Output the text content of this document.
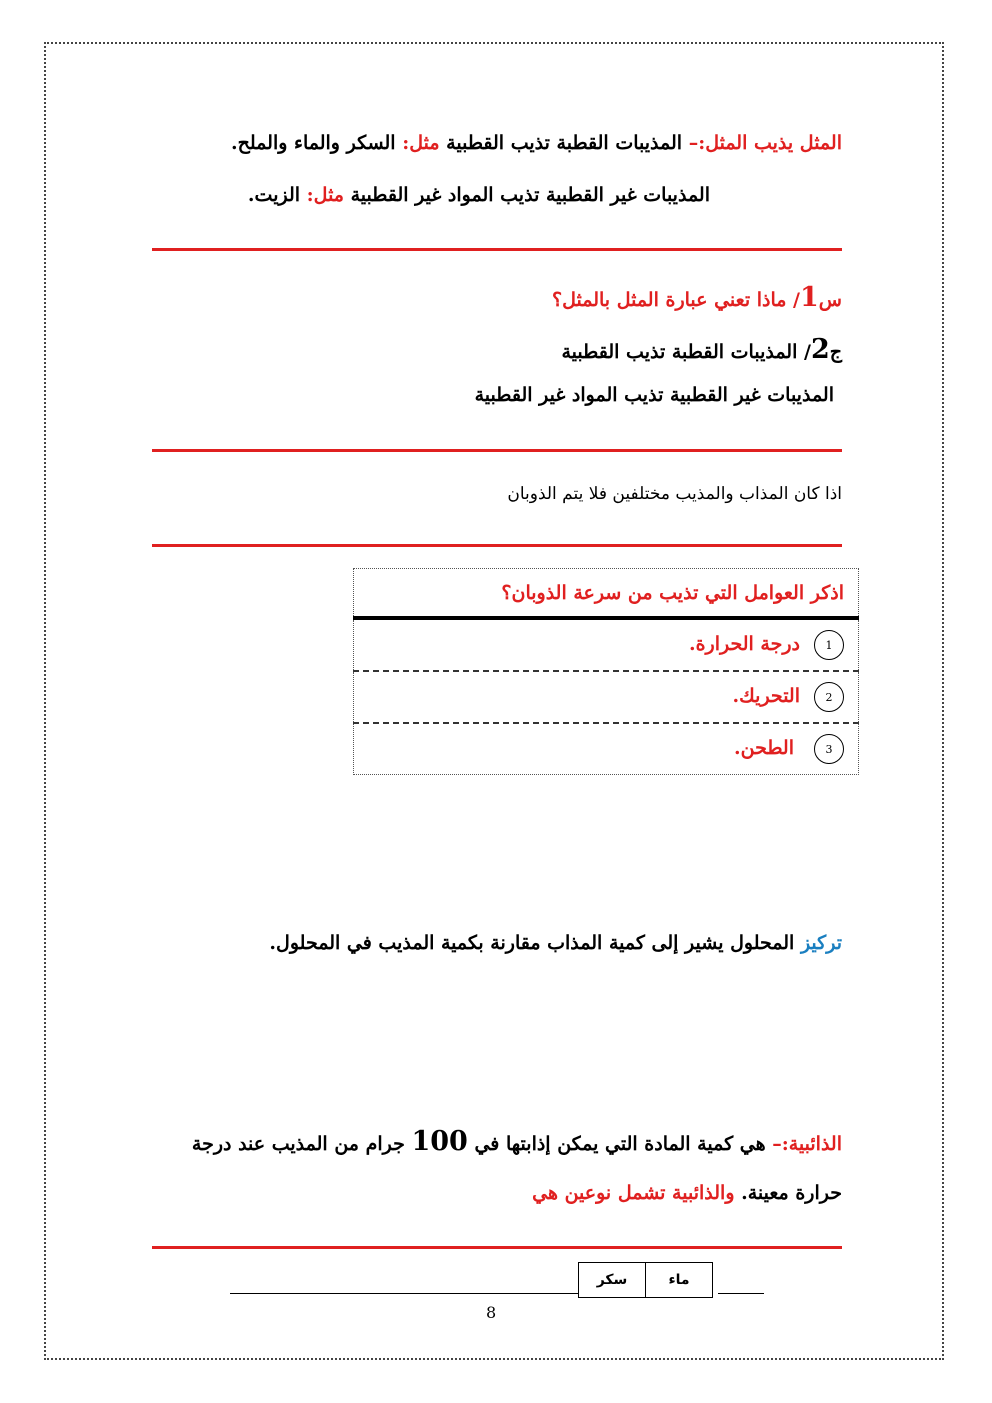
المثل يذيب المثل:– المذيبات القطبة تذيب القطبية مثل: السكر والماء والملح.
المذيبات غير القطبية تذيب المواد غير القطبية مثل: الزيت.
س1/ ماذا تعني عبارة المثل بالمثل؟
ج2/ المذيبات القطبة تذيب القطبية
المذيبات غير القطبية تذيب المواد غير القطبية
اذا كان المذاب والمذيب مختلفين فلا يتم الذوبان
اذكر العوامل التي تذيب من سرعة الذوبان؟
1درجة الحرارة.
2التحريك.
3الطحن.
تركيز المحلول يشير إلى كمية المذاب مقارنة بكمية المذيب في المحلول.
الذائبية:– هي كمية المادة التي يمكن إذابتها في 100 جرام من المذيب عند درجة
حرارة معينة. والذائبية تشمل نوعين هي
ماء	سكر
8
